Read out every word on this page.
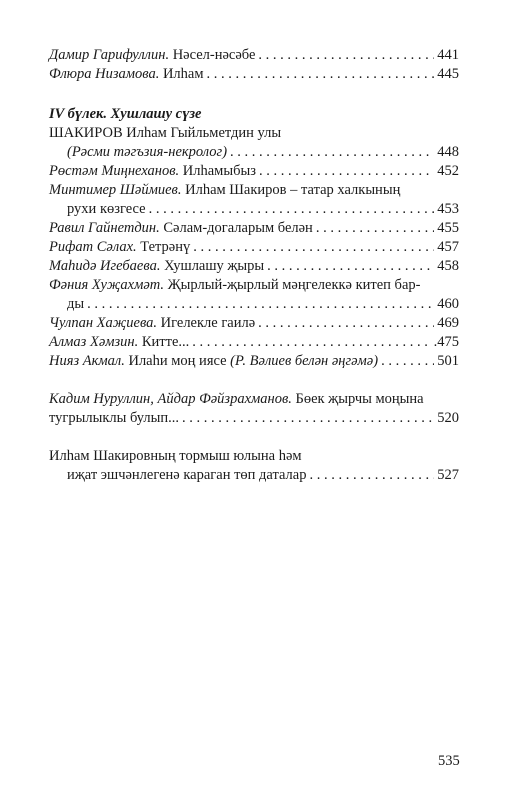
Дамир Гарифуллин. Нәсел-нәсәбе . . .	441
Флюра Низамова. Илһам . . .	445
IV бүлек. Хушлашу сүзе
ШАКИРОВ Илһам Гыйльметдин улы
(Рәсми тәгъзия-некролог) . . .	448
Рөстәм Миңнеханов. Илһамыбыз . . .	452
Минтимер Шәймиев. Илһам Шакиров – татар халкының
рухи көзгесе . . .	453
Равил Гайнетдин. Сәлам-догаларым белән . . .	455
Рифат Сәлах. Тетрәнү . . .	457
Маһидә Игебаева. Хушлашу җыры . . .	458
Фәния Хуҗахмәт. Җырлый-җырлый мәңгелеккә китеп бар-
ды . . .	460
Чулпан Хаҗиева. Игелекле гаилә . . .	469
Алмаз Хәмзин. Китте... . . .	.475
Нияз Акмал. Илаһи моң иясе (Р. Вәлиев белән әңгәмә) . . .	501
Кадим Нуруллин, Айдар Фәйзрахманов. Бөек җырчы моңына
тугрылыклы булып... . . .	520
Илһам Шакировның тормыш юлына һәм
иҗат эшчәнлегенә караган төп даталар . . .	527
535
